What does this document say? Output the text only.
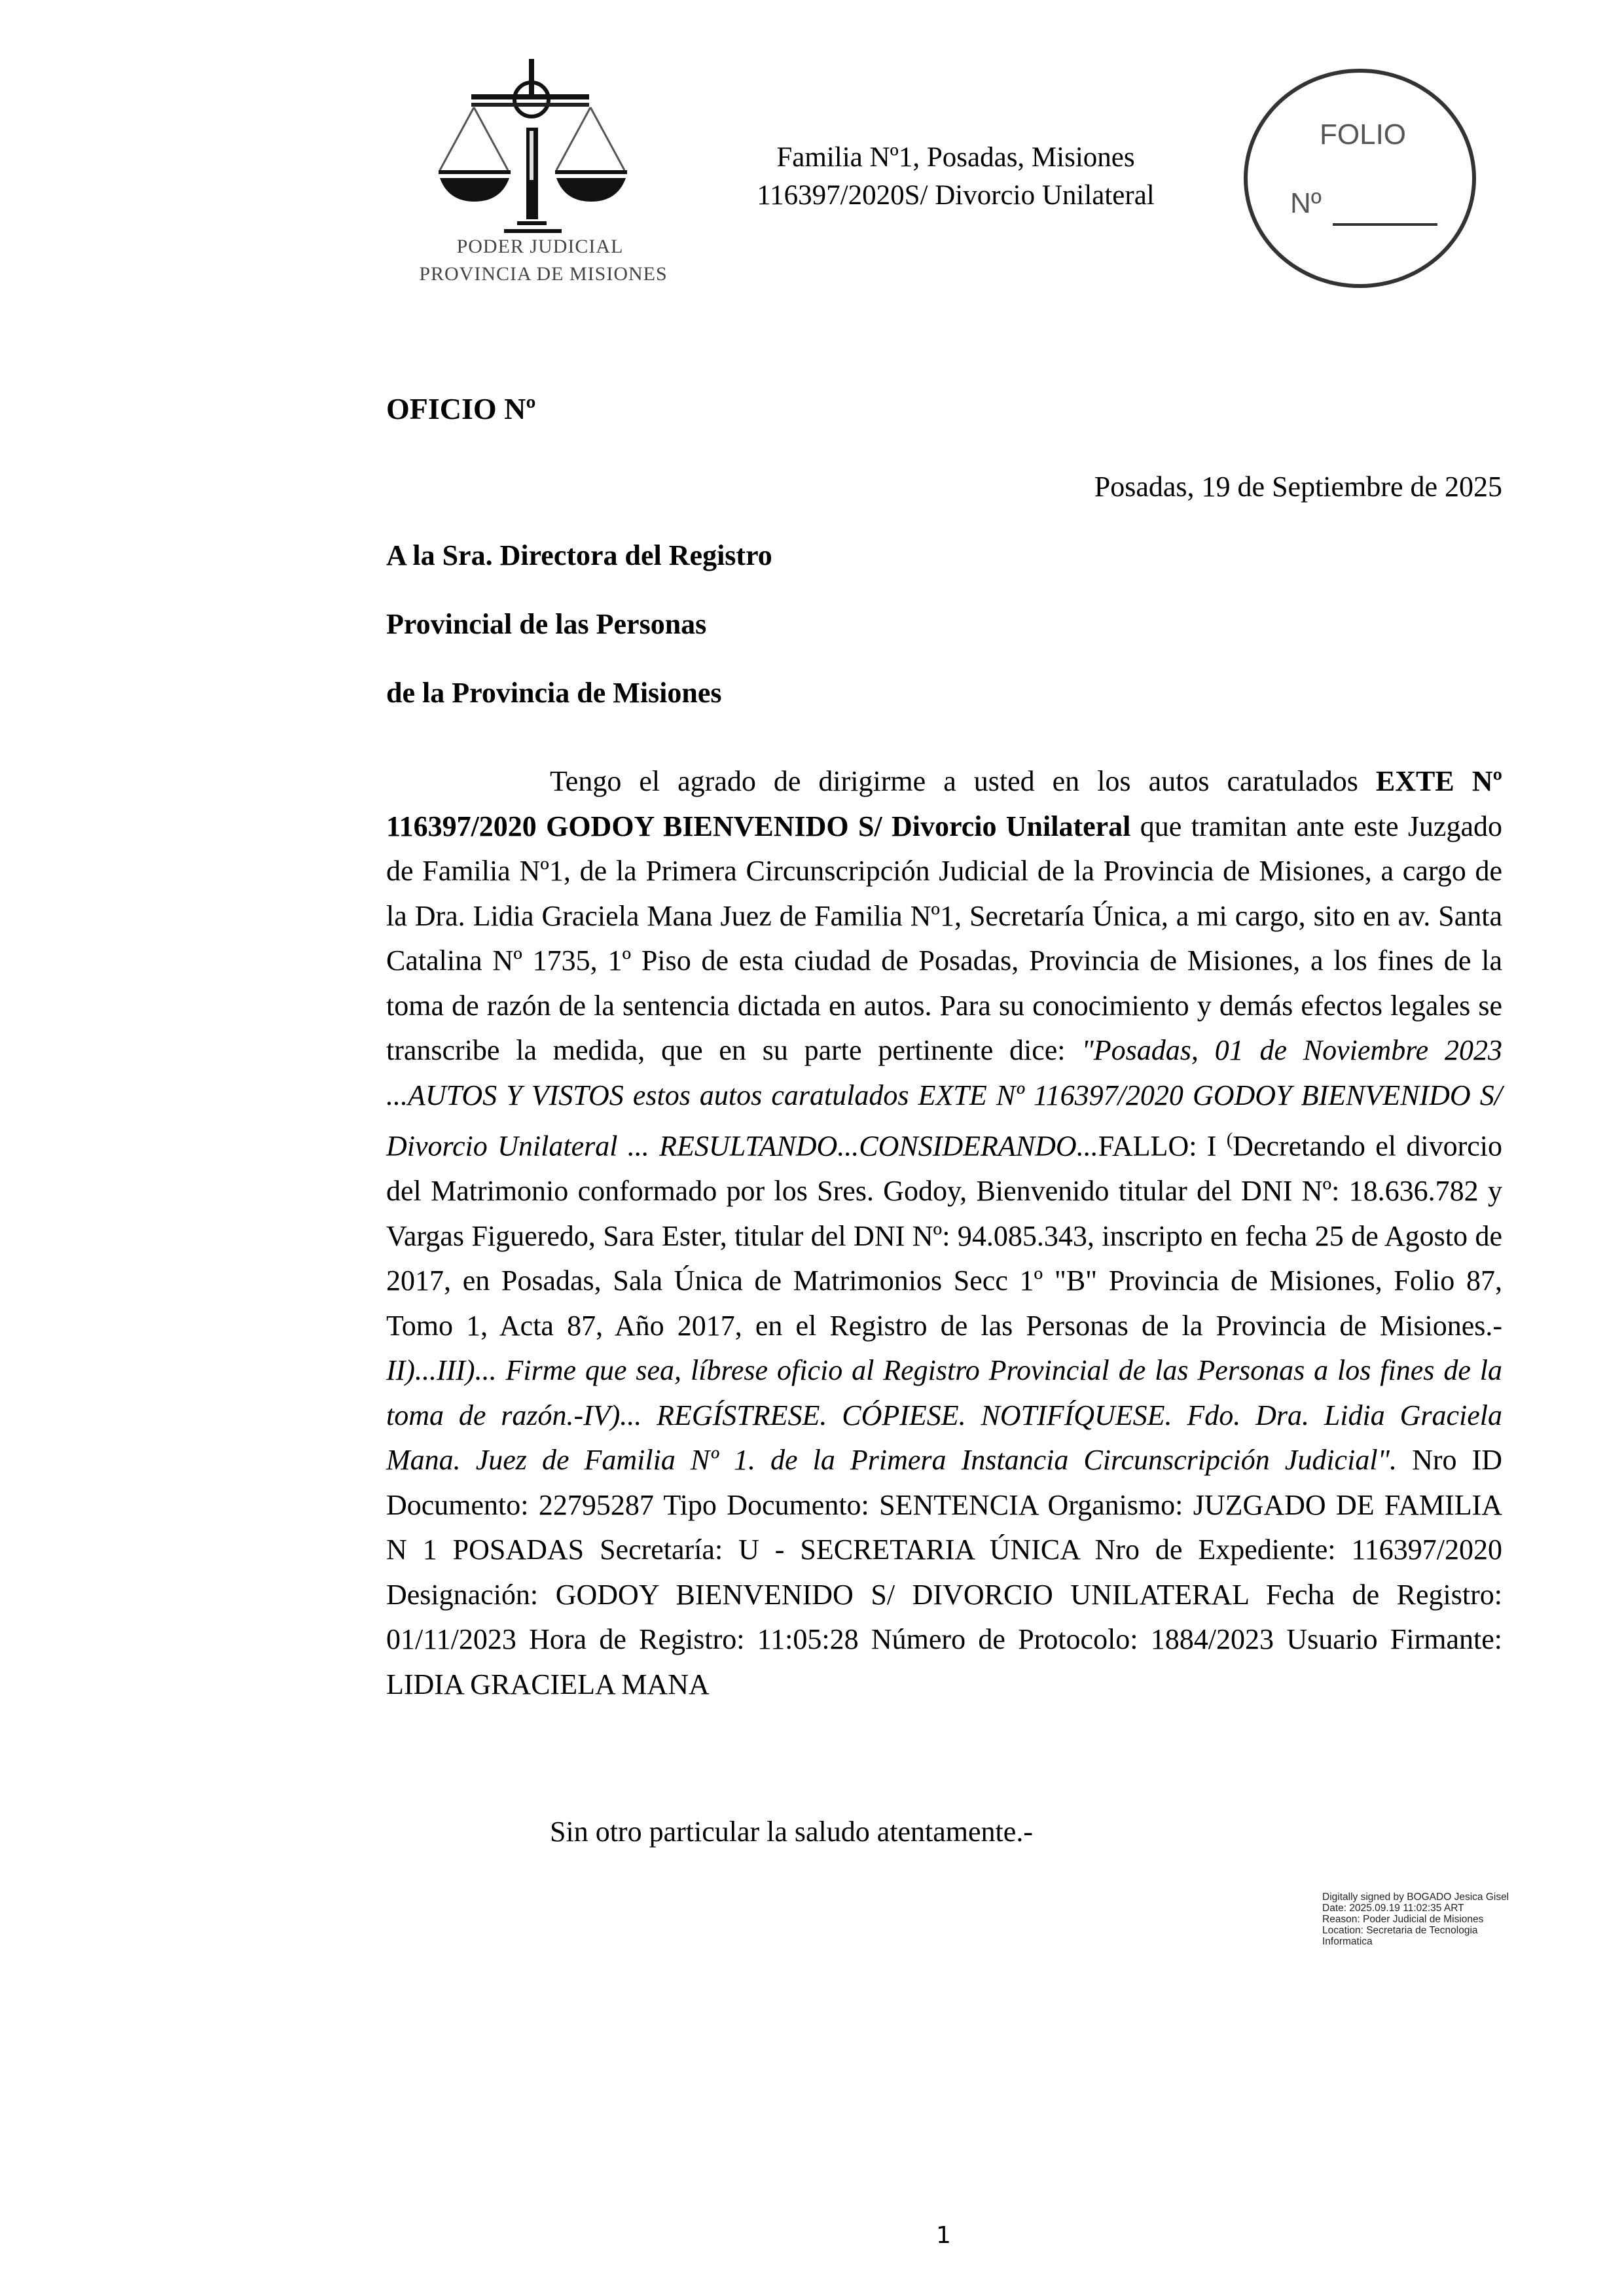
PODER JUDICIAL
PROVINCIA DE MISIONES
Familia Nº1, Posadas, Misiones
116397/2020S/ Divorcio Unilateral
FOLIO
Nº
OFICIO Nº
Posadas, 19 de Septiembre de 2025
A la Sra. Directora del Registro
Provincial de las Personas
de la Provincia de Misiones
Tengo el agrado de dirigirme a usted en los autos caratulados EXTE Nº 116397/2020 GODOY BIENVENIDO S/ Divorcio Unilateral que tramitan ante este Juzgado de Familia Nº1, de la Primera Circunscripción Judicial de la Provincia de Misiones, a cargo de la Dra. Lidia Graciela Mana Juez de Familia Nº1, Secretaría Única, a mi cargo, sito en av. Santa Catalina Nº 1735, 1º Piso de esta ciudad de Posadas, Provincia de Misiones, a los fines de la toma de razón de la sentencia dictada en autos. Para su conocimiento y demás efectos legales se transcribe la medida, que en su parte pertinente dice: "Posadas, 01 de Noviembre 2023 ...AUTOS Y VISTOS estos autos caratulados EXTE Nº 116397/2020 GODOY BIENVENIDO S/ Divorcio Unilateral ... RESULTANDO...CONSIDERANDO...FALLO: I (Decretando el divorcio del Matrimonio conformado por los Sres. Godoy, Bienvenido titular del DNI Nº: 18.636.782 y Vargas Figueredo, Sara Ester, titular del DNI Nº: 94.085.343, inscripto en fecha 25 de Agosto de 2017, en Posadas, Sala Única de Matrimonios Secc 1º "B" Provincia de Misiones, Folio 87, Tomo 1, Acta 87, Año 2017, en el Registro de las Personas de la Provincia de Misiones.-II)...III)... Firme que sea, líbrese oficio al Registro Provincial de las Personas a los fines de la toma de razón.-IV)... REGÍSTRESE. CÓPIESE. NOTIFÍQUESE. Fdo. Dra. Lidia Graciela Mana. Juez de Familia Nº 1. de la Primera Instancia Circunscripción Judicial". Nro ID Documento: 22795287 Tipo Documento: SENTENCIA Organismo: JUZGADO DE FAMILIA N 1 POSADAS Secretaría: U - SECRETARIA ÚNICA Nro de Expediente: 116397/2020 Designación: GODOY BIENVENIDO S/ DIVORCIO UNILATERAL Fecha de Registro: 01/11/2023 Hora de Registro: 11:05:28 Número de Protocolo: 1884/2023 Usuario Firmante: LIDIA GRACIELA MANA
Sin otro particular la saludo atentamente.-
Digitally signed by BOGADO Jesica Gisel
Date: 2025.09.19 11:02:35 ART
Reason: Poder Judicial de Misiones
Location: Secretaria de Tecnologia
Informatica
1
